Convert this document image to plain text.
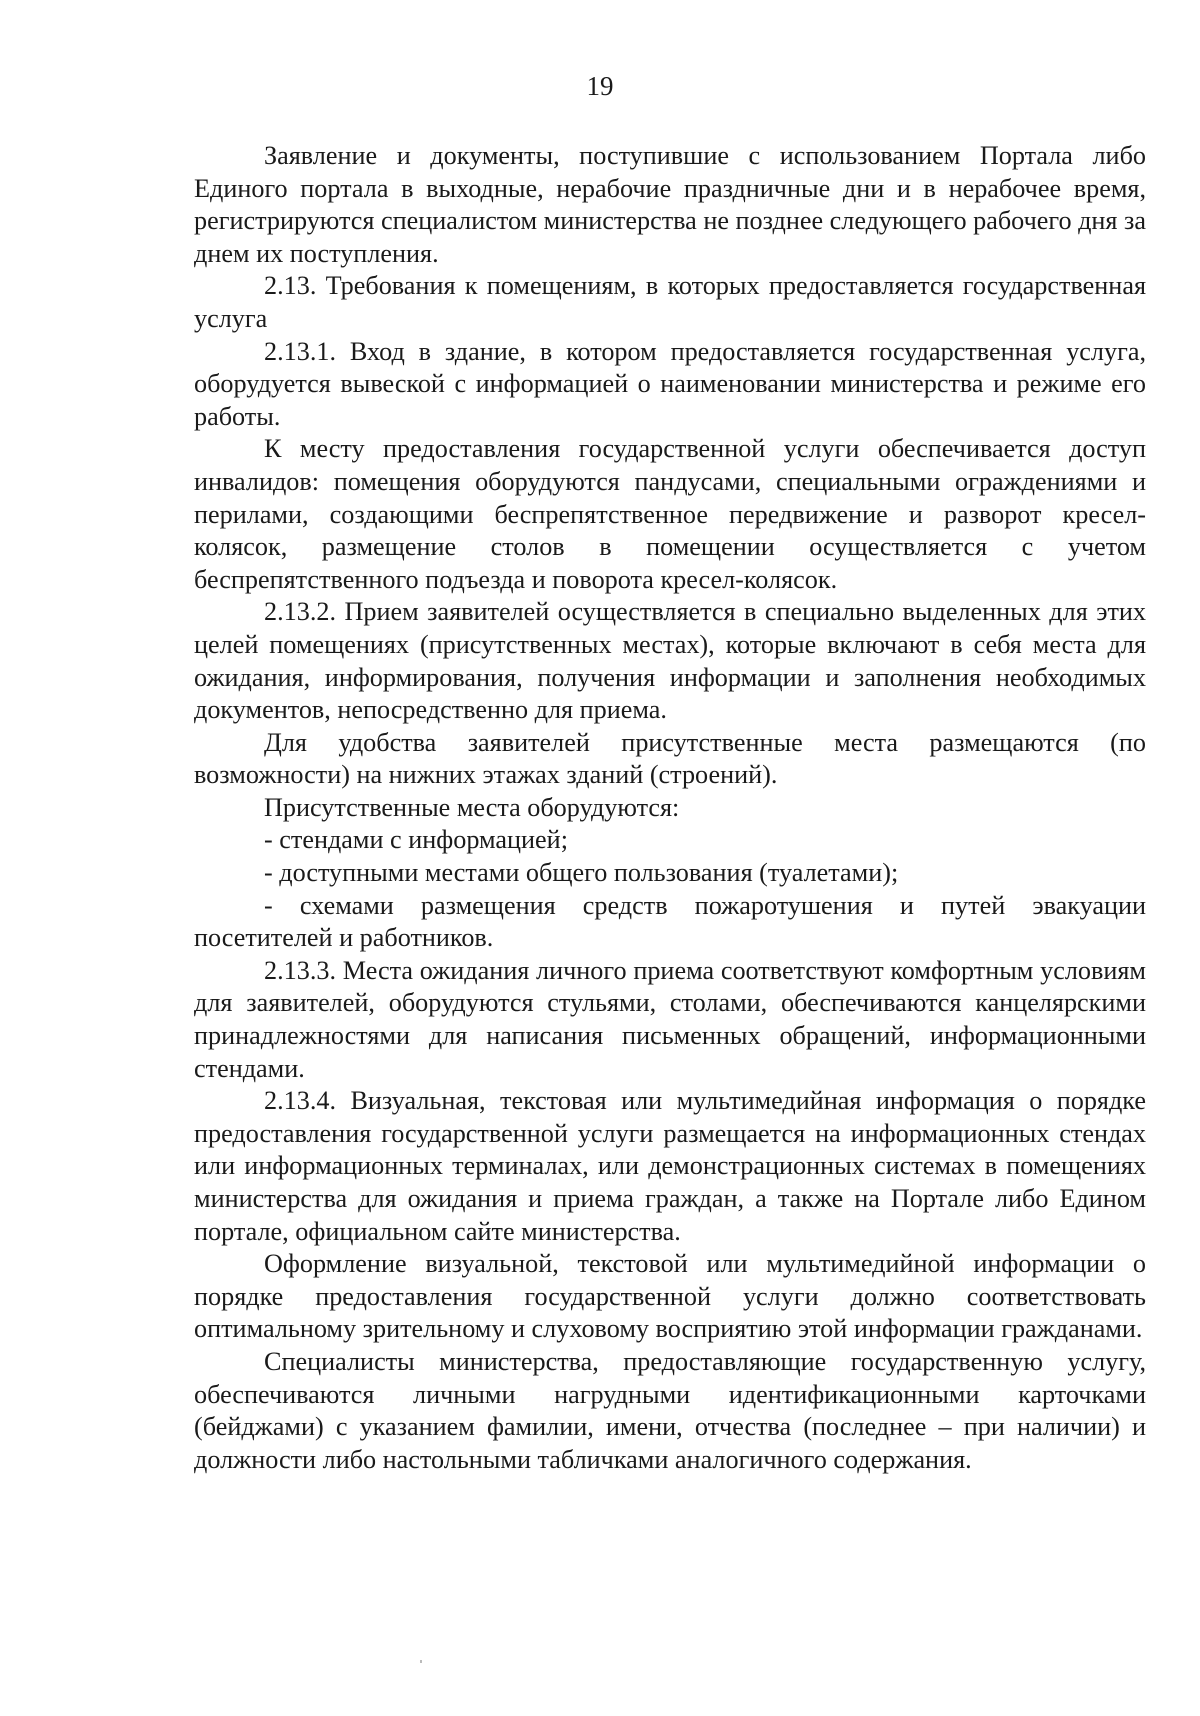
19

Заявление и документы, поступившие с использованием Портала либо Единого портала в выходные, нерабочие праздничные дни и в нерабочее время, регистрируются специалистом министерства не позднее следующего рабочего дня за днем их поступления.

2.13. Требования к помещениям, в которых предоставляется государственная услуга

2.13.1. Вход в здание, в котором предоставляется государственная услуга, оборудуется вывеской с информацией о наименовании министерства и режиме его работы.

К месту предоставления государственной услуги обеспечивается доступ инвалидов: помещения оборудуются пандусами, специальными ограждениями и перилами, создающими беспрепятственное передвижение и разворот кресел-колясок, размещение столов в помещении осуществляется с учетом беспрепятственного подъезда и поворота кресел-колясок.

2.13.2. Прием заявителей осуществляется в специально выделенных для этих целей помещениях (присутственных местах), которые включают в себя места для ожидания, информирования, получения информации и заполнения необходимых документов, непосредственно для приема.

Для удобства заявителей присутственные места размещаются (по возможности) на нижних этажах зданий (строений).

Присутственные места оборудуются:

- стендами с информацией;

- доступными местами общего пользования (туалетами);

- схемами размещения средств пожаротушения и путей эвакуации посетителей и работников.

2.13.3. Места ожидания личного приема соответствуют комфортным условиям для заявителей, оборудуются стульями, столами, обеспечиваются канцелярскими принадлежностями для написания письменных обращений, информационными стендами.

2.13.4. Визуальная, текстовая или мультимедийная информация о порядке предоставления государственной услуги размещается на информационных стендах или информационных терминалах, или демонстрационных системах в помещениях министерства для ожидания и приема граждан, а также на Портале либо Едином портале, официальном сайте министерства.

Оформление визуальной, текстовой или мультимедийной информации о порядке предоставления государственной услуги должно соответствовать оптимальному зрительному и слуховому восприятию этой информации гражданами.

Специалисты министерства, предоставляющие государственную услугу, обеспечиваются личными нагрудными идентификационными карточками (бейджами) с указанием фамилии, имени, отчества (последнее – при наличии) и должности либо настольными табличками аналогичного содержания.
